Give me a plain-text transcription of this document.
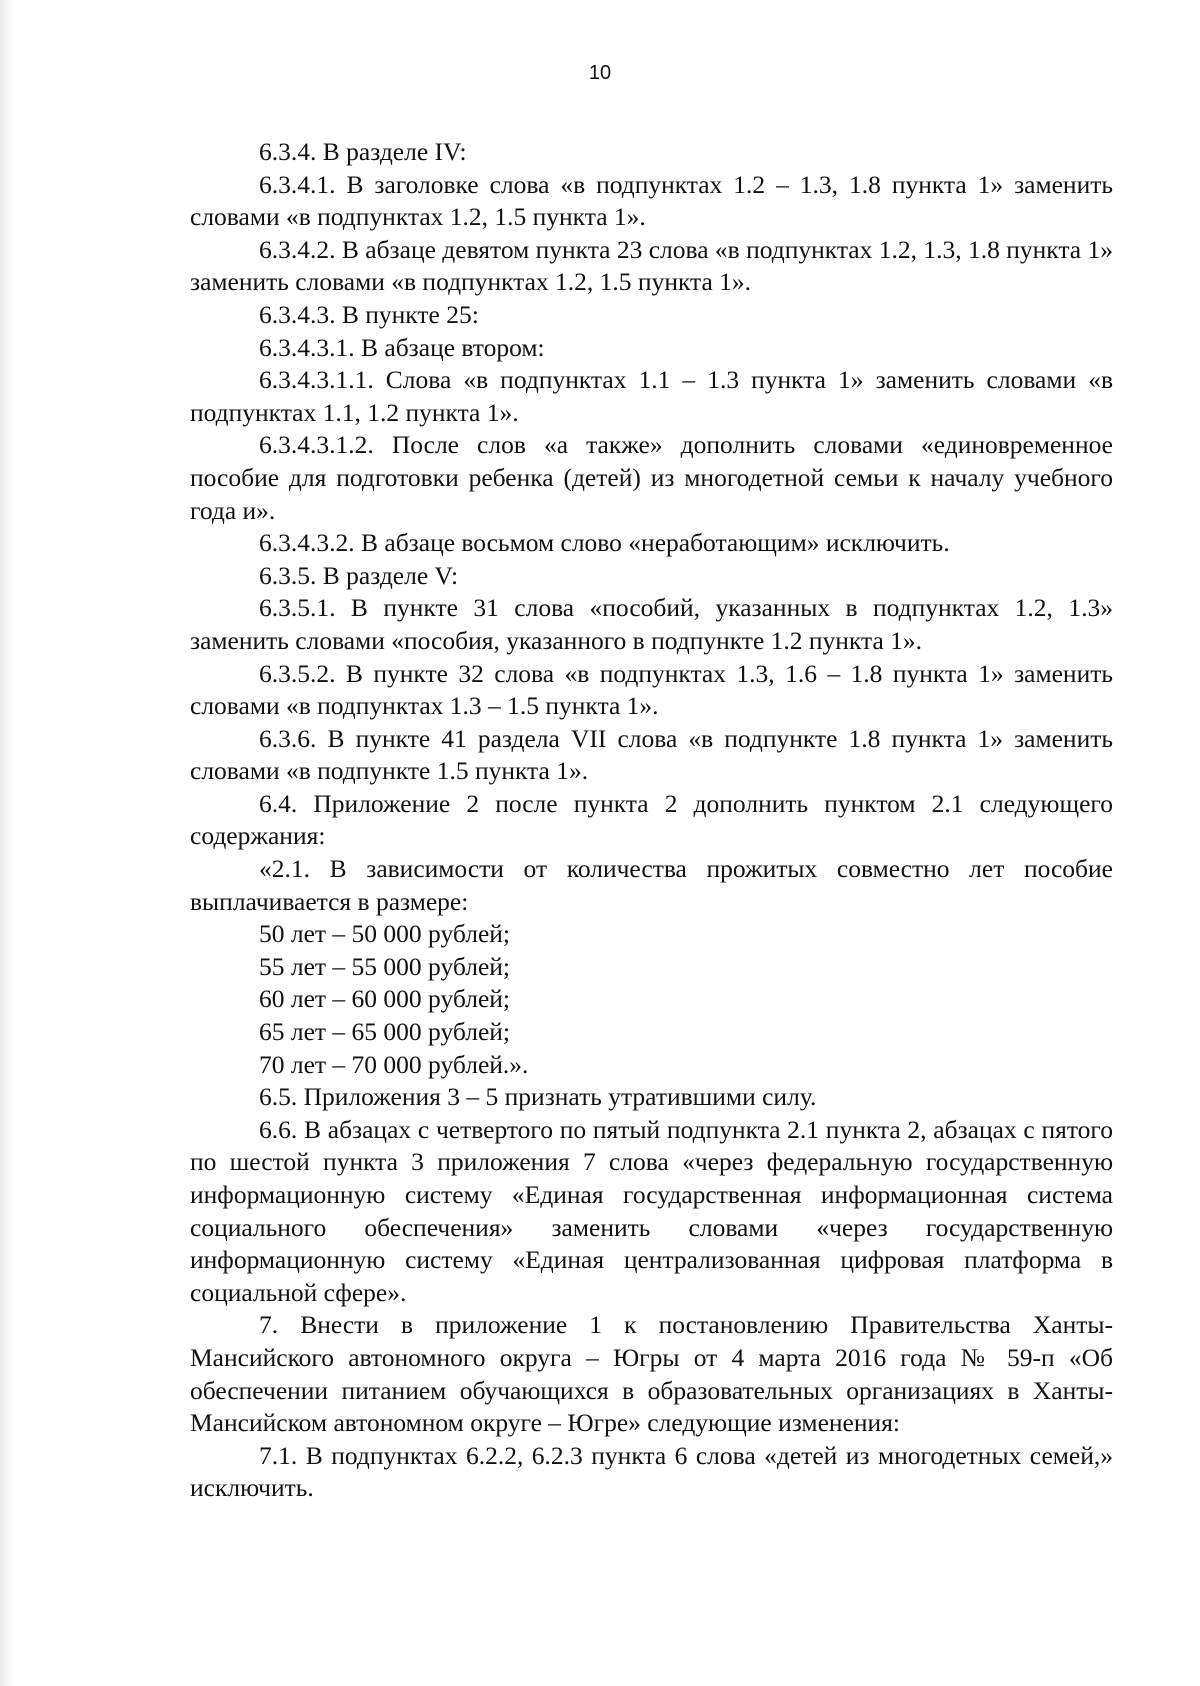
10

6.3.4. В разделе IV:

6.3.4.1. В заголовке слова «в подпунктах 1.2 – 1.3, 1.8 пункта 1» заменить словами «в подпунктах 1.2, 1.5 пункта 1».

6.3.4.2. В абзаце девятом пункта 23 слова «в подпунктах 1.2, 1.3, 1.8 пункта 1» заменить словами «в подпунктах 1.2, 1.5 пункта 1».

6.3.4.3. В пункте 25:

6.3.4.3.1. В абзаце втором:

6.3.4.3.1.1. Слова «в подпунктах 1.1 – 1.3 пункта 1» заменить словами «в подпунктах 1.1, 1.2 пункта 1».

6.3.4.3.1.2. После слов «а также» дополнить словами «единовременное пособие для подготовки ребенка (детей) из многодетной семьи к началу учебного года и».

6.3.4.3.2. В абзаце восьмом слово «неработающим» исключить.

6.3.5. В разделе V:

6.3.5.1. В пункте 31 слова «пособий, указанных в подпунктах 1.2, 1.3» заменить словами «пособия, указанного в подпункте 1.2 пункта 1».

6.3.5.2. В пункте 32 слова «в подпунктах 1.3, 1.6 – 1.8 пункта 1» заменить словами «в подпунктах 1.3 – 1.5 пункта 1».

6.3.6. В пункте 41 раздела VII слова «в подпункте 1.8 пункта 1» заменить словами «в подпункте 1.5 пункта 1».

6.4. Приложение 2 после пункта 2 дополнить пунктом 2.1 следующего содержания:

«2.1. В зависимости от количества прожитых совместно лет пособие выплачивается в размере:

50 лет – 50 000 рублей;

55 лет – 55 000 рублей;

60 лет – 60 000 рублей;

65 лет – 65 000 рублей;

70 лет – 70 000 рублей.».

6.5. Приложения 3 – 5 признать утратившими силу.

6.6. В абзацах с четвертого по пятый подпункта 2.1 пункта 2, абзацах с пятого по шестой пункта 3 приложения 7 слова «через федеральную государственную информационную систему «Единая государственная информационная система социального обеспечения» заменить словами «через государственную информационную систему «Единая централизованная цифровая платформа в социальной сфере».

7. Внести в приложение 1 к постановлению Правительства Ханты-Мансийского автономного округа – Югры от 4 марта 2016 года № 59-п «Об обеспечении питанием обучающихся в образовательных организациях в Ханты-Мансийском автономном округе – Югре» следующие изменения:

7.1. В подпунктах 6.2.2, 6.2.3 пункта 6 слова «детей из многодетных семей,» исключить.
